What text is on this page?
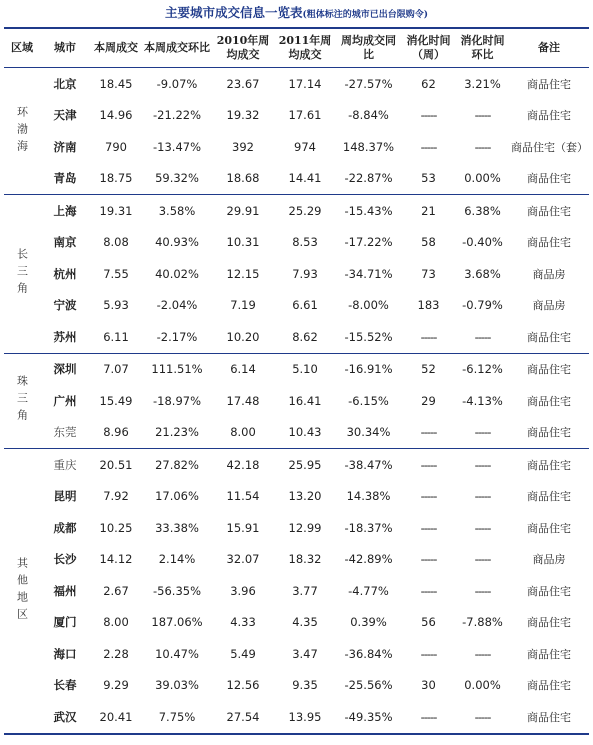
主要城市成交信息一览表(粗体标注的城市已出台限购令)
区域	城市	本周成交	本周成交环比	2010年周均成交	2011年周均成交	周均成交同比	消化时间（周）	消化时间环比	备注

环渤海	北京	18.45	-9.07%	23.67	17.14	-27.57%	62	3.21%	商品住宅
	天津	14.96	-21.22%	19.32	17.61	-8.84%	-----	-----	商品住宅
	济南	790	-13.47%	392	974	148.37%	-----	-----	商品住宅（套）
	青岛	18.75	59.32%	18.68	14.41	-22.87%	53	0.00%	商品住宅

长三角	上海	19.31	3.58%	29.91	25.29	-15.43%	21	6.38%	商品住宅
	南京	8.08	40.93%	10.31	8.53	-17.22%	58	-0.40%	商品住宅
	杭州	7.55	40.02%	12.15	7.93	-34.71%	73	3.68%	商品房
	宁波	5.93	-2.04%	7.19	6.61	-8.00%	183	-0.79%	商品房
	苏州	6.11	-2.17%	10.20	8.62	-15.52%	-----	-----	商品住宅

珠三角	深圳	7.07	111.51%	6.14	5.10	-16.91%	52	-6.12%	商品住宅
	广州	15.49	-18.97%	17.48	16.41	-6.15%	29	-4.13%	商品住宅
	东莞	8.96	21.23%	8.00	10.43	30.34%	-----	-----	商品住宅

其他地区	重庆	20.51	27.82%	42.18	25.95	-38.47%	-----	-----	商品住宅
	昆明	7.92	17.06%	11.54	13.20	14.38%	-----	-----	商品住宅
	成都	10.25	33.38%	15.91	12.99	-18.37%	-----	-----	商品住宅
	长沙	14.12	2.14%	32.07	18.32	-42.89%	-----	-----	商品房
	福州	2.67	-56.35%	3.96	3.77	-4.77%	-----	-----	商品住宅
	厦门	8.00	187.06%	4.33	4.35	0.39%	56	-7.88%	商品住宅
	海口	2.28	10.47%	5.49	3.47	-36.84%	-----	-----	商品住宅
	长春	9.29	39.03%	12.56	9.35	-25.56%	30	0.00%	商品住宅
	武汉	20.41	7.75%	27.54	13.95	-49.35%	-----	-----	商品住宅
